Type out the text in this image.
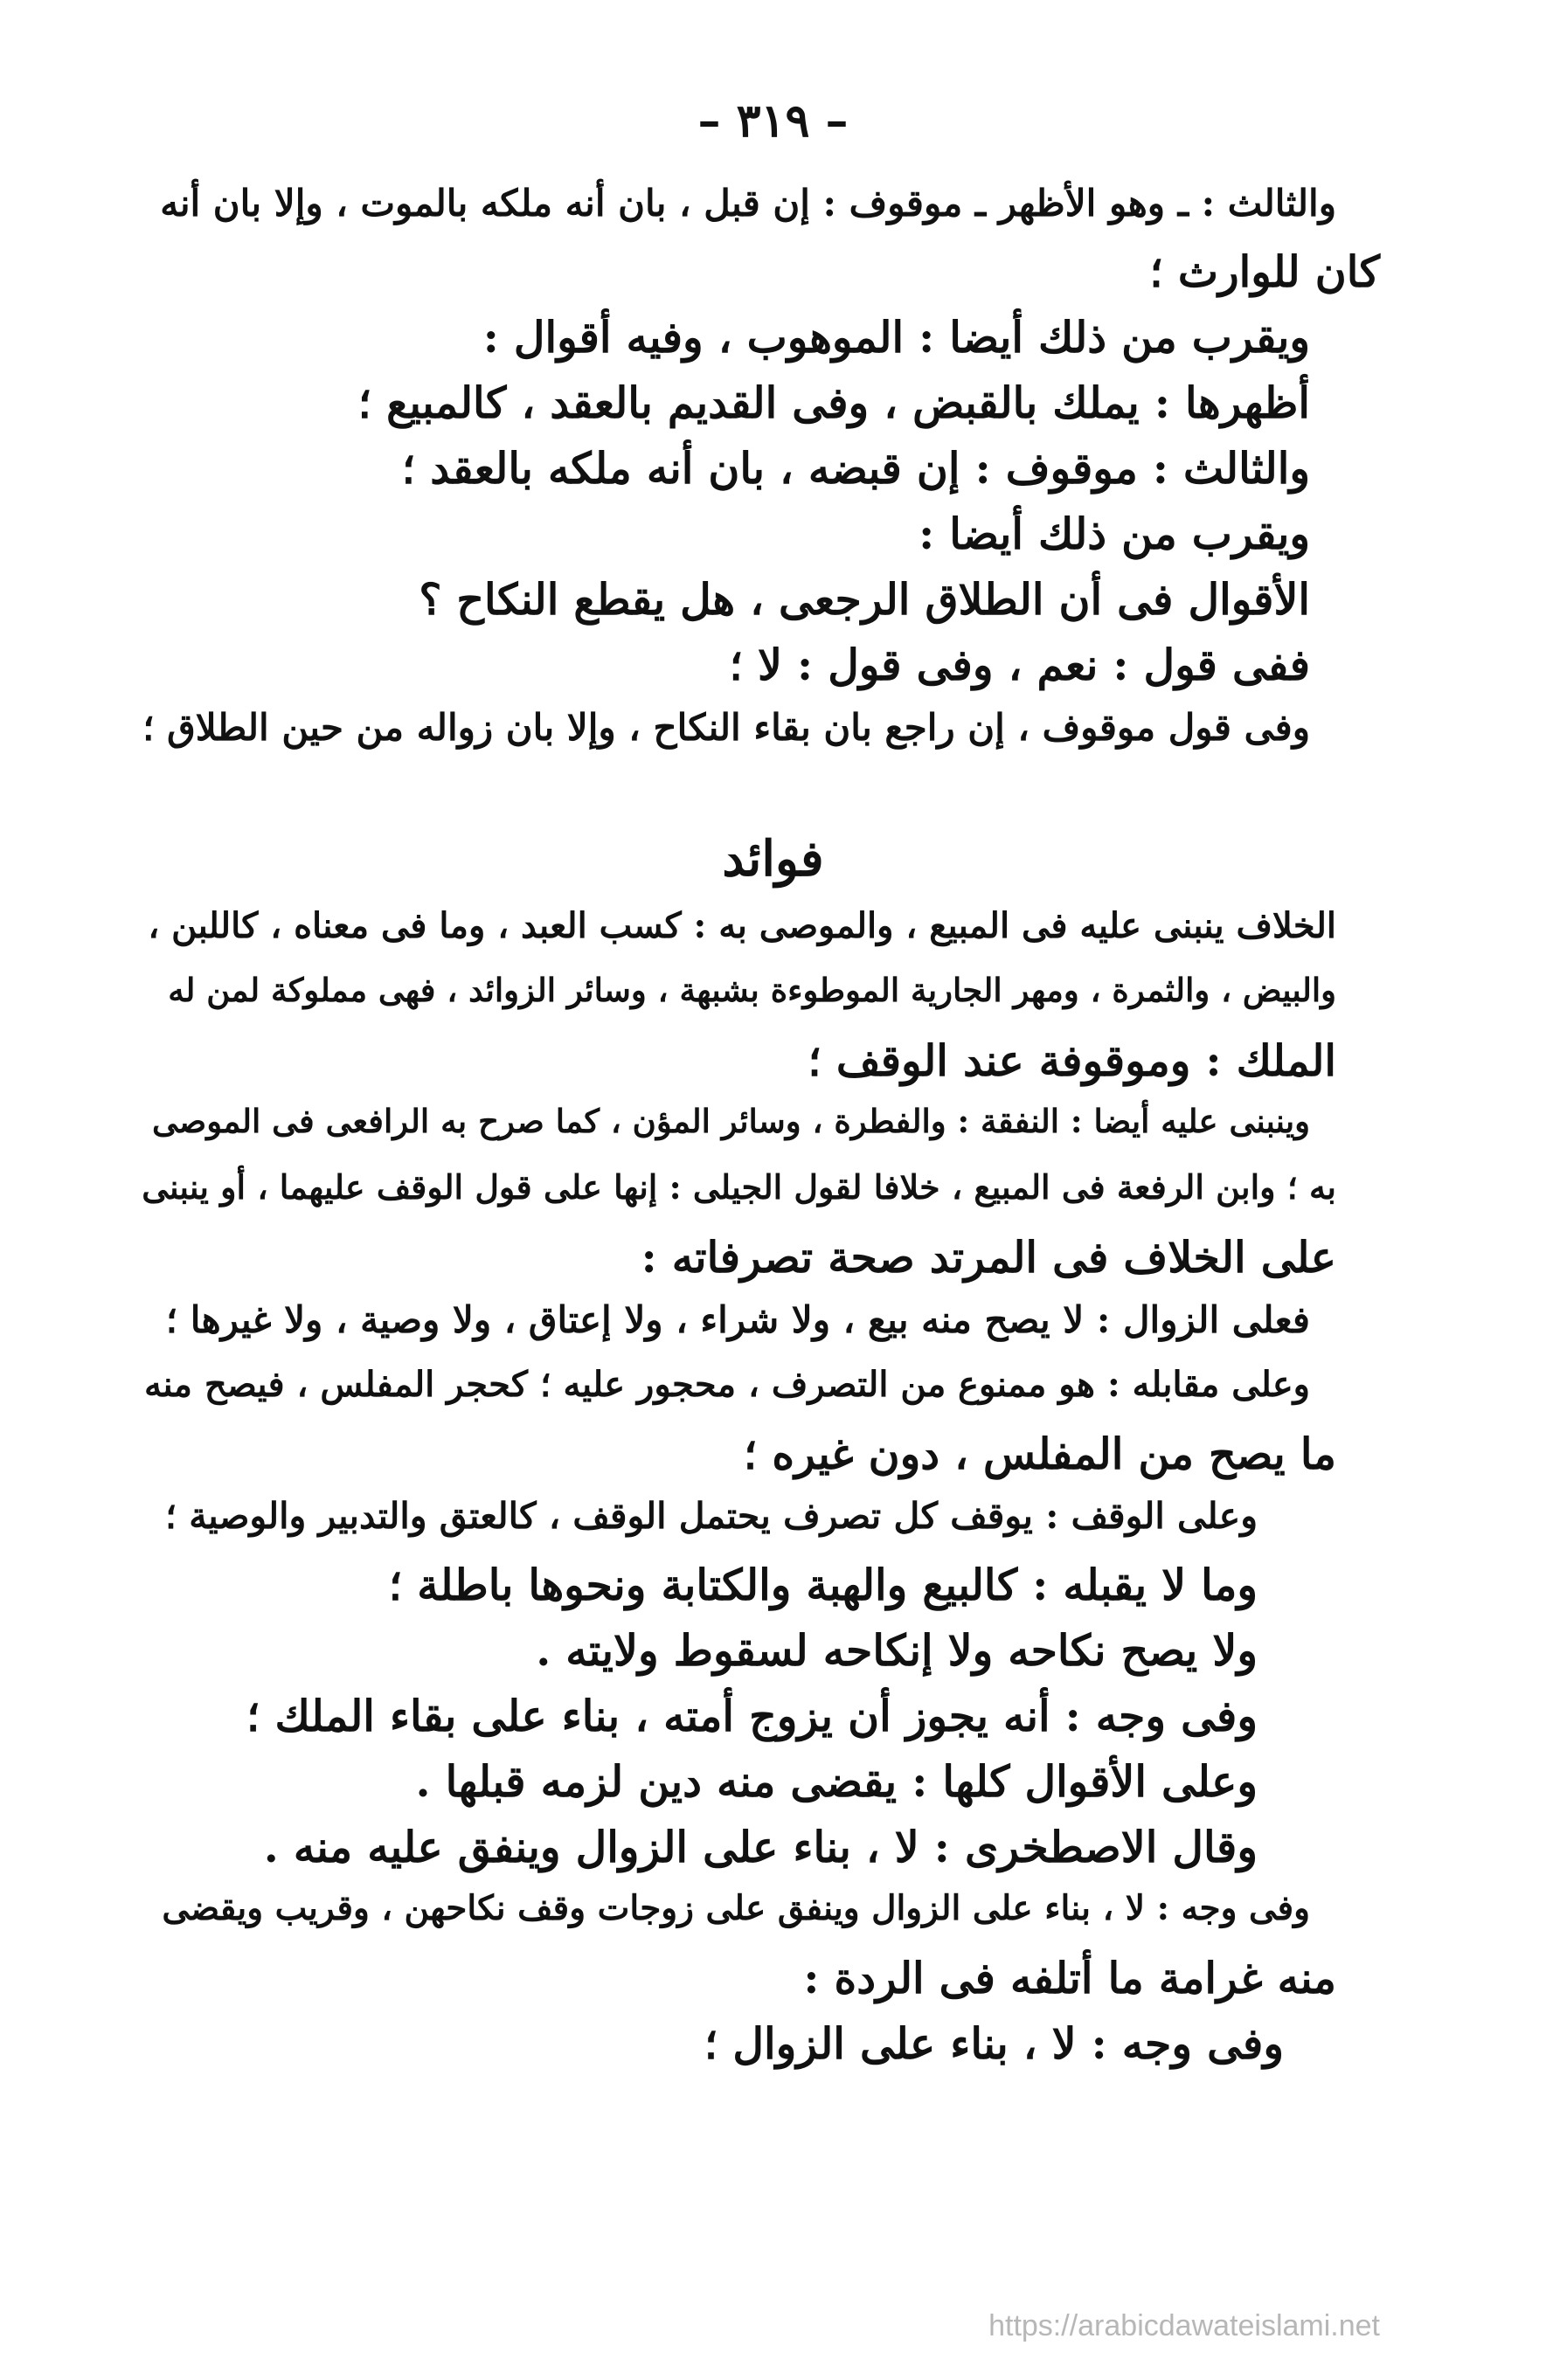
– ٣١٩ –
والثالث : ـ وهو الأظهر ـ موقوف : إن قبل ، بان أنه ملكه بالموت ، وإلا بان أنه
كان للوارث ؛
ويقرب من ذلك أيضا : الموهوب ، وفيه أقوال :
أظهرها : يملك بالقبض ، وفى القديم بالعقد ، كالمبيع ؛
والثالث : موقوف : إن قبضه ، بان أنه ملكه بالعقد ؛
ويقرب من ذلك أيضا :
الأقوال فى أن الطلاق الرجعى ، هل يقطع النكاح ؟
ففى قول : نعم ، وفى قول : لا ؛
وفى قول موقوف ، إن راجع بان بقاء النكاح ، وإلا بان زواله من حين الطلاق ؛
فوائد
الخلاف ينبنى عليه فى المبيع ، والموصى به : كسب العبد ، وما فى معناه ، كاللبن ،
والبيض ، والثمرة ، ومهر الجارية الموطوءة بشبهة ، وسائر الزوائد ، فهى مملوكة لمن له
الملك : وموقوفة عند الوقف ؛
وينبنى عليه أيضا : النفقة : والفطرة ، وسائر المؤن ، كما صرح به الرافعى فى الموصى
به ؛ وابن الرفعة فى المبيع ، خلافا لقول الجيلى : إنها على قول الوقف عليهما ، أو ينبنى
على الخلاف فى المرتد صحة تصرفاته :
فعلى الزوال : لا يصح منه بيع ، ولا شراء ، ولا إعتاق ، ولا وصية ، ولا غيرها ؛
وعلى مقابله : هو ممنوع من التصرف ، محجور عليه ؛ كحجر المفلس ، فيصح منه
ما يصح من المفلس ، دون غيره ؛
وعلى الوقف : يوقف كل تصرف يحتمل الوقف ، كالعتق والتدبير والوصية ؛
وما لا يقبله : كالبيع والهبة والكتابة ونحوها باطلة ؛
ولا يصح نكاحه ولا إنكاحه لسقوط ولايته .
وفى وجه : أنه يجوز أن يزوج أمته ، بناء على بقاء الملك ؛
وعلى الأقوال كلها : يقضى منه دين لزمه قبلها .
وقال الاصطخرى : لا ، بناء على الزوال وينفق عليه منه .
وفى وجه : لا ، بناء على الزوال وينفق على زوجات وقف نكاحهن ، وقريب ويقضى
منه غرامة ما أتلفه فى الردة :
وفى وجه : لا ، بناء على الزوال ؛
https://arabicdawateislami.net
